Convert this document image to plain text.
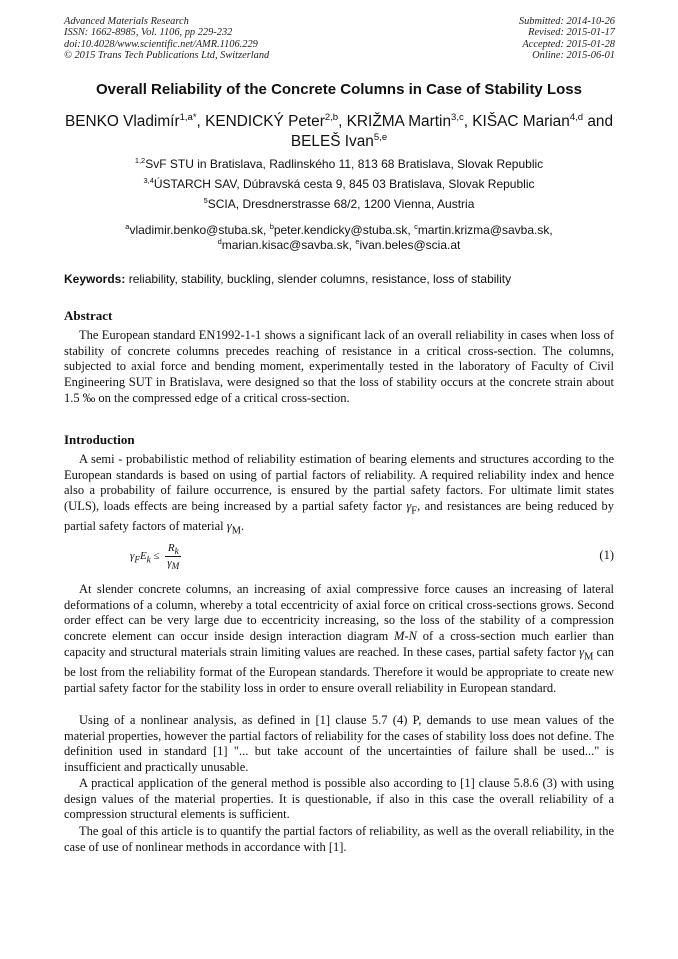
Advanced Materials Research
ISSN: 1662-8985, Vol. 1106, pp 229-232
doi:10.4028/www.scientific.net/AMR.1106.229
© 2015 Trans Tech Publications Ltd, Switzerland
Submitted: 2014-10-26
Revised: 2015-01-17
Accepted: 2015-01-28
Online: 2015-06-01
Overall Reliability of the Concrete Columns in Case of Stability Loss
BENKO Vladimír$^{1,a*}$, KENDICKÝ Peter$^{2,b}$, KRIŽMA Martin$^{3,c}$, KIŠAC Marian$^{4,d}$ and BELEŠ Ivan$^{5,e}$
$^{1,2}$SvF STU in Bratislava, Radlinského 11, 813 68 Bratislava, Slovak Republic
$^{3,4}$ÚSTARCH SAV, Dúbravská cesta 9, 845 03 Bratislava, Slovak Republic
$^5$SCIA, Dresdnerstrasse 68/2, 1200 Vienna, Austria
$^a$vladimir.benko@stuba.sk, $^b$peter.kendicky@stuba.sk, $^c$martin.krizma@savba.sk,
$^d$marian.kisac@savba.sk, $^e$ivan.beles@scia.at
Keywords: reliability, stability, buckling, slender columns, resistance, loss of stability
Abstract
The European standard EN1992-1-1 shows a significant lack of an overall reliability in cases when loss of stability of concrete columns precedes reaching of resistance in a critical cross-section. The columns, subjected to axial force and bending moment, experimentally tested in the laboratory of Faculty of Civil Engineering SUT in Bratislava, were designed so that the loss of stability occurs at the concrete strain about 1.5 ‰ on the compressed edge of a critical cross-section.
Introduction
A semi - probabilistic method of reliability estimation of bearing elements and structures according to the European standards is based on using of partial factors of reliability. A required reliability index and hence also a probability of failure occurrence, is ensured by the partial safety factors. For ultimate limit states (ULS), loads effects are being increased by a partial safety factor $\gamma_F$, and resistances are being reduced by partial safety factors of material $\gamma_M$.
$\gamma_FE_k \le \frac{R_k}{\gamma_M}$	(1)
At slender concrete columns, an increasing of axial compressive force causes an increasing of lateral deformations of a column, whereby a total eccentricity of axial force on critical cross-sections grows. Second order effect can be very large due to eccentricity increasing, so the loss of the stability of a compression concrete element can occur inside design interaction diagram M-N of a cross-section much earlier than capacity and structural materials strain limiting values are reached. In these cases, partial safety factor $\gamma_M$ can be lost from the reliability format of the European standards. Therefore it would be appropriate to create new partial safety factor for the stability loss in order to ensure overall reliability in European standard.
Using of a nonlinear analysis, as defined in [1] clause 5.7 (4) P, demands to use mean values of the material properties, however the partial factors of reliability for the cases of stability loss does not define. The definition used in standard [1] "... but take account of the uncertainties of failure shall be used..." is insufficient and practically unusable.
A practical application of the general method is possible also according to [1] clause 5.8.6 (3) with using design values of the material properties. It is questionable, if also in this case the overall reliability of a compression structural elements is sufficient.
The goal of this article is to quantify the partial factors of reliability, as well as the overall reliability, in the case of use of nonlinear methods in accordance with [1].
